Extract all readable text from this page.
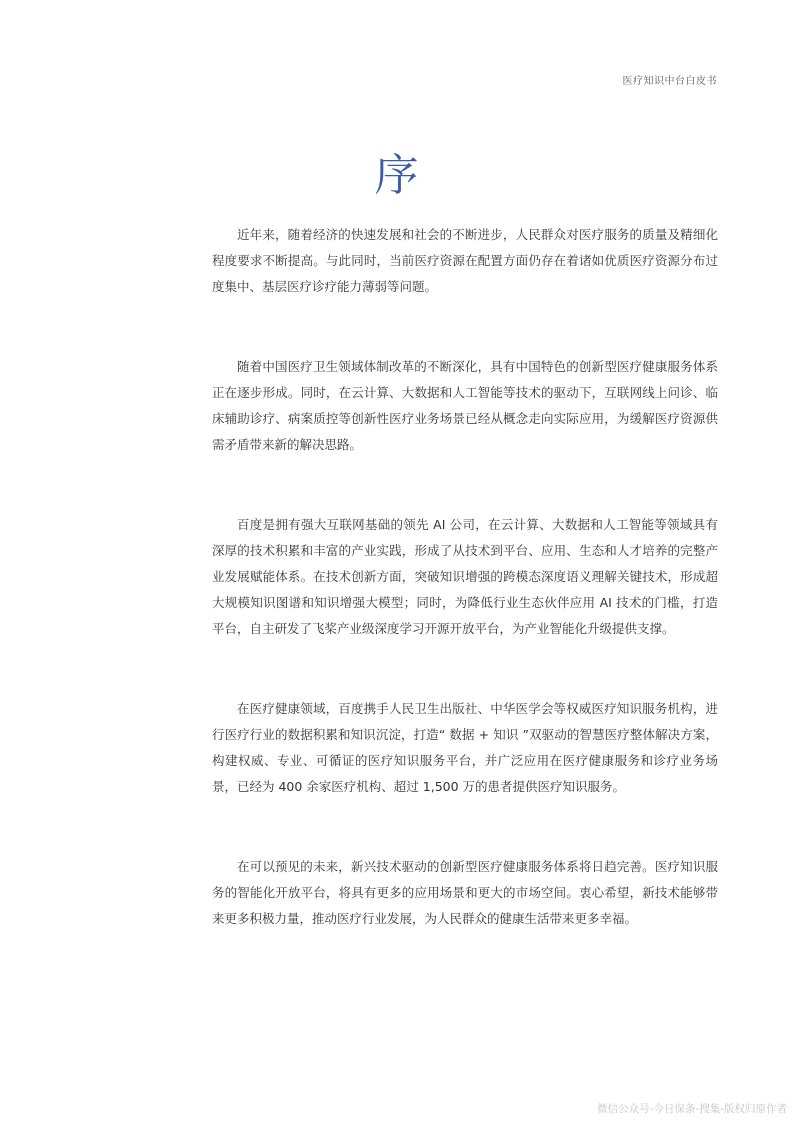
医疗知识中台白皮书
序

近年来，随着经济的快速发展和社会的不断进步，人民群众对医疗服务的质量及精细化程度要求不断提高。与此同时，当前医疗资源在配置方面仍存在着诸如优质医疗资源分布过度集中、基层医疗诊疗能力薄弱等问题。

随着中国医疗卫生领域体制改革的不断深化，具有中国特色的创新型医疗健康服务体系正在逐步形成。同时，在云计算、大数据和人工智能等技术的驱动下，互联网线上问诊、临床辅助诊疗、病案质控等创新性医疗业务场景已经从概念走向实际应用，为缓解医疗资源供需矛盾带来新的解决思路。

百度是拥有强大互联网基础的领先 AI 公司，在云计算、大数据和人工智能等领域具有深厚的技术积累和丰富的产业实践，形成了从技术到平台、应用、生态和人才培养的完整产业发展赋能体系。在技术创新方面，突破知识增强的跨模态深度语义理解关键技术，形成超大规模知识图谱和知识增强大模型；同时，为降低行业生态伙伴应用 AI 技术的门槛，打造平台，自主研发了飞桨产业级深度学习开源开放平台，为产业智能化升级提供支撑。

在医疗健康领域，百度携手人民卫生出版社、中华医学会等权威医疗知识服务机构，进行医疗行业的数据积累和知识沉淀，打造“ 数据 + 知识 ”双驱动的智慧医疗整体解决方案，构建权威、专业、可循证的医疗知识服务平台，并广泛应用在医疗健康服务和诊疗业务场景，已经为 400 余家医疗机构、超过 1,500 万的患者提供医疗知识服务。

在可以预见的未来，新兴技术驱动的创新型医疗健康服务体系将日趋完善。医疗知识服务的智能化开放平台，将具有更多的应用场景和更大的市场空间。衷心希望，新技术能够带来更多积极力量，推动医疗行业发展，为人民群众的健康生活带来更多幸福。

微信公众号-今日保条-搜集-版权归原作者
